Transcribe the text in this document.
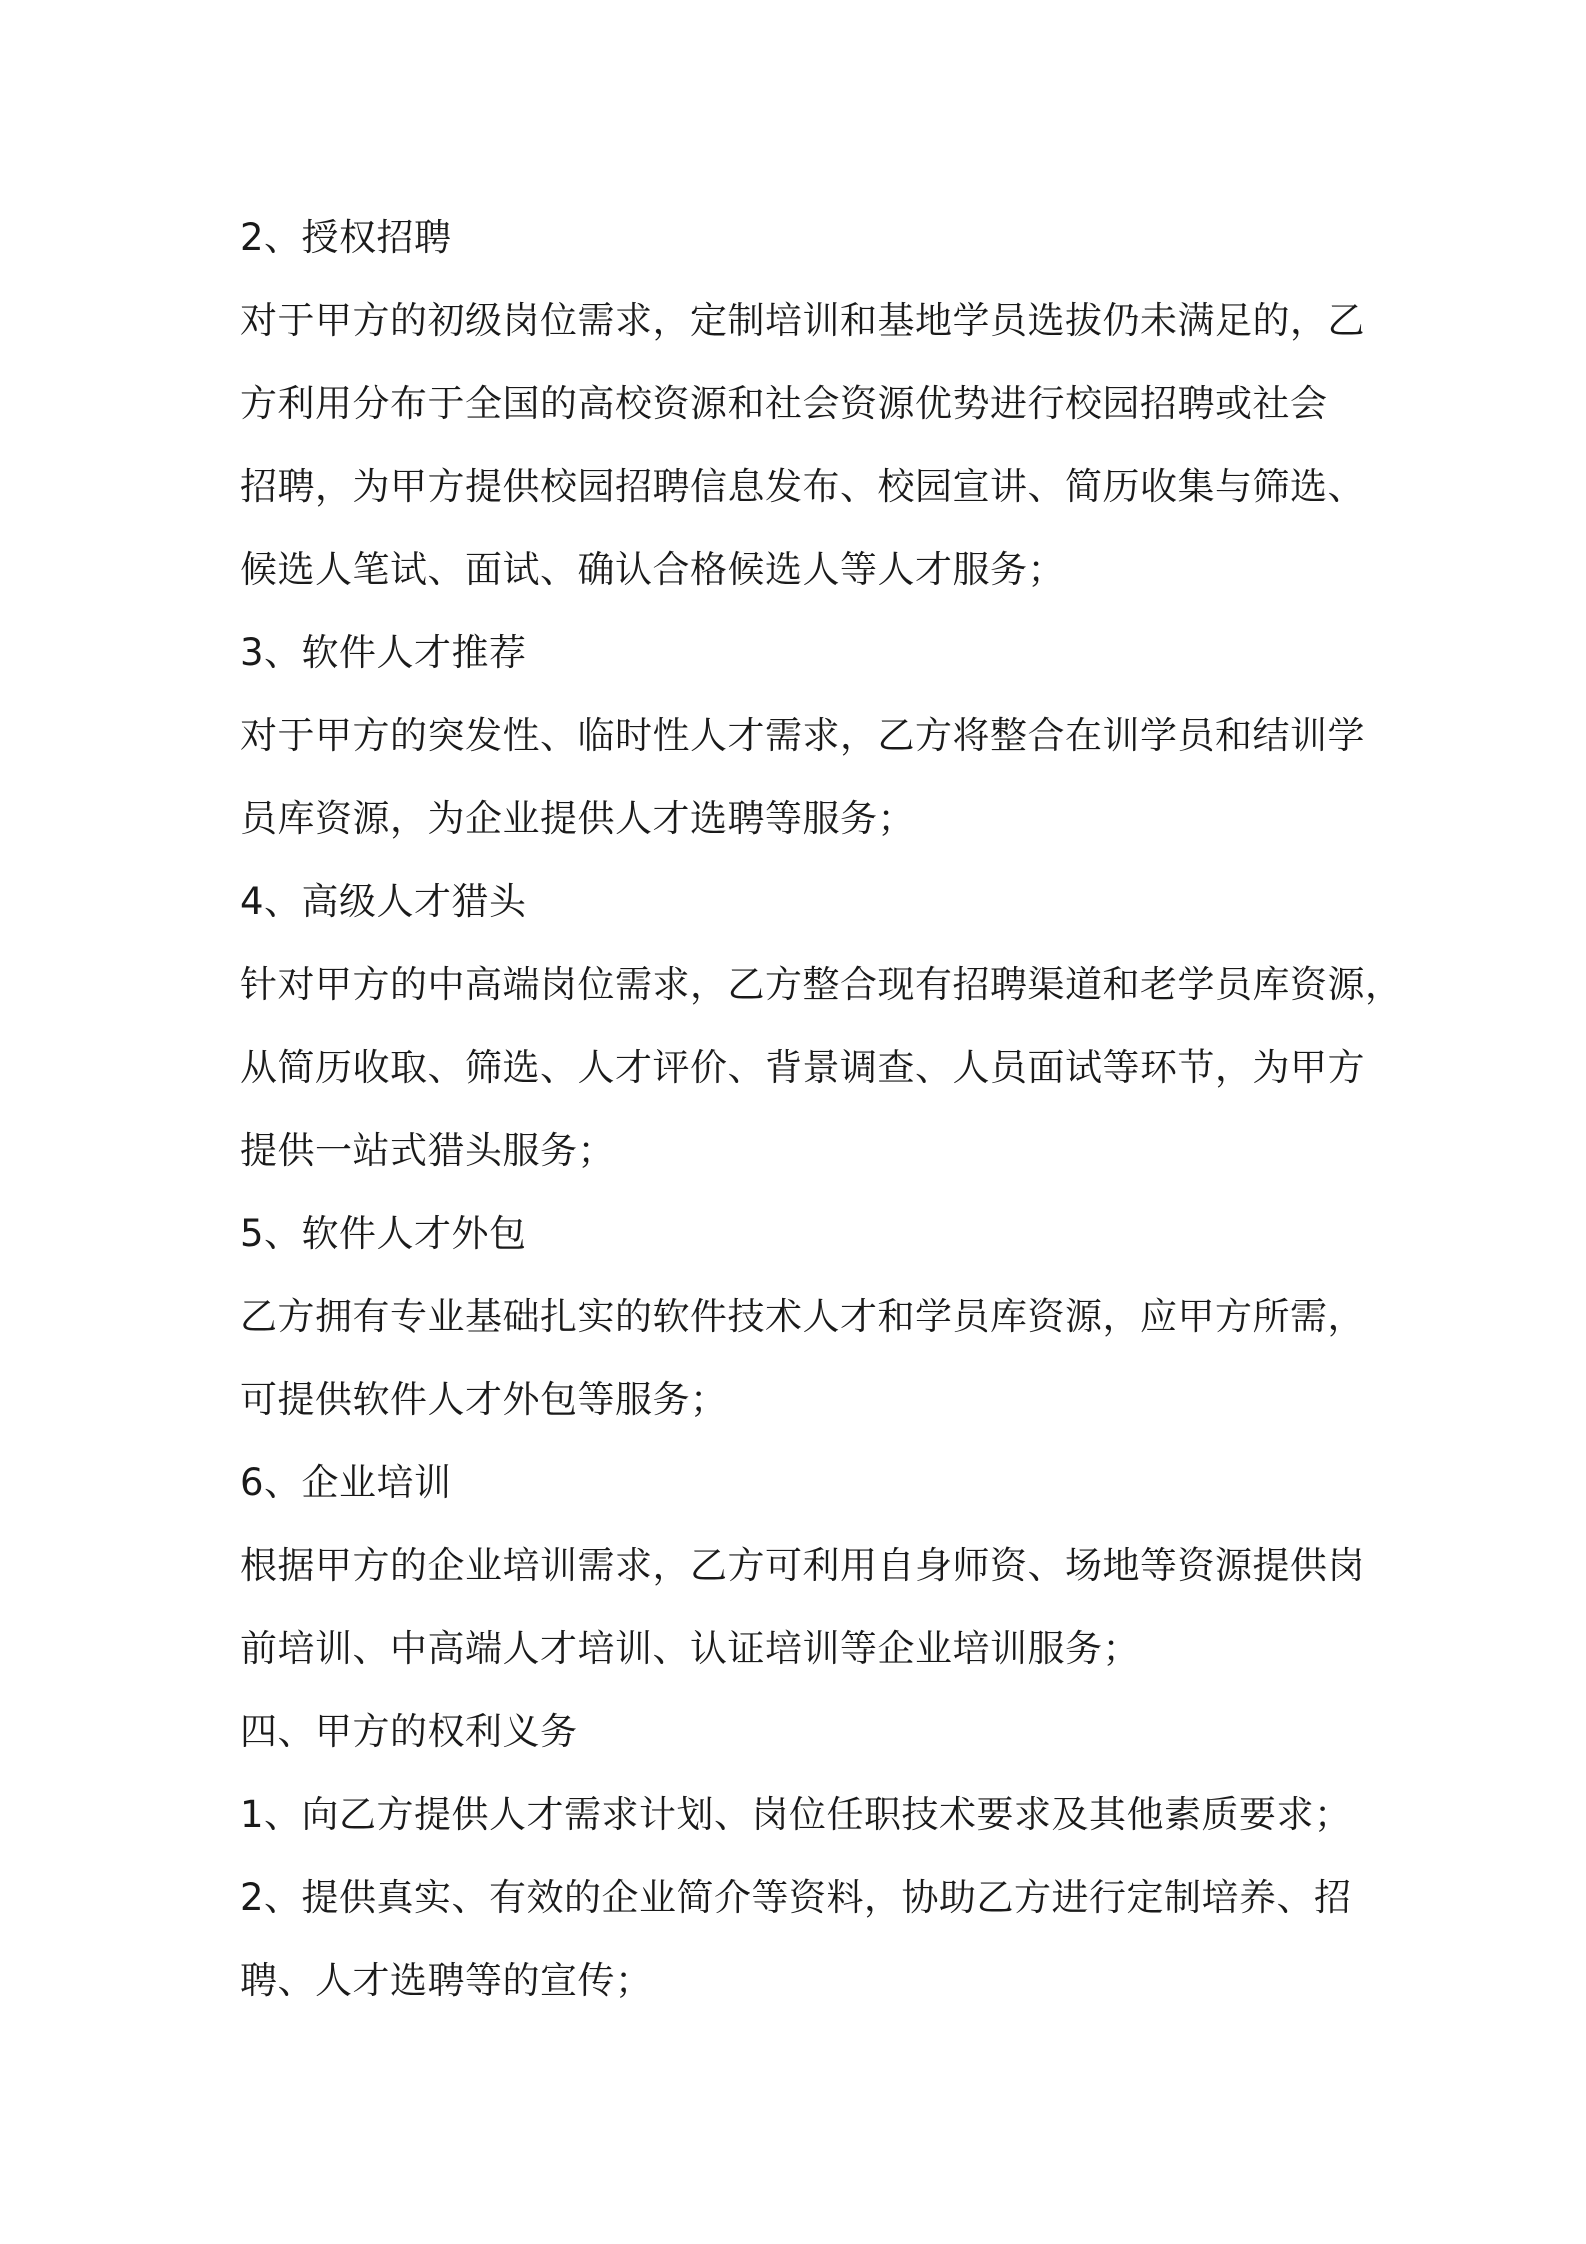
2、授权招聘
对于甲方的初级岗位需求，定制培训和基地学员选拔仍未满足的，乙
方利用分布于全国的高校资源和社会资源优势进行校园招聘或社会
招聘，为甲方提供校园招聘信息发布、校园宣讲、简历收集与筛选、
候选人笔试、面试、确认合格候选人等人才服务；
3、软件人才推荐
对于甲方的突发性、临时性人才需求，乙方将整合在训学员和结训学
员库资源，为企业提供人才选聘等服务；
4、高级人才猎头
针对甲方的中高端岗位需求，乙方整合现有招聘渠道和老学员库资源，
从简历收取、筛选、人才评价、背景调查、人员面试等环节，为甲方
提供一站式猎头服务；
5、软件人才外包
乙方拥有专业基础扎实的软件技术人才和学员库资源，应甲方所需，
可提供软件人才外包等服务；
6、企业培训
根据甲方的企业培训需求，乙方可利用自身师资、场地等资源提供岗
前培训、中高端人才培训、认证培训等企业培训服务；
四、甲方的权利义务
1、向乙方提供人才需求计划、岗位任职技术要求及其他素质要求；
2、提供真实、有效的企业简介等资料，协助乙方进行定制培养、招
聘、人才选聘等的宣传；
